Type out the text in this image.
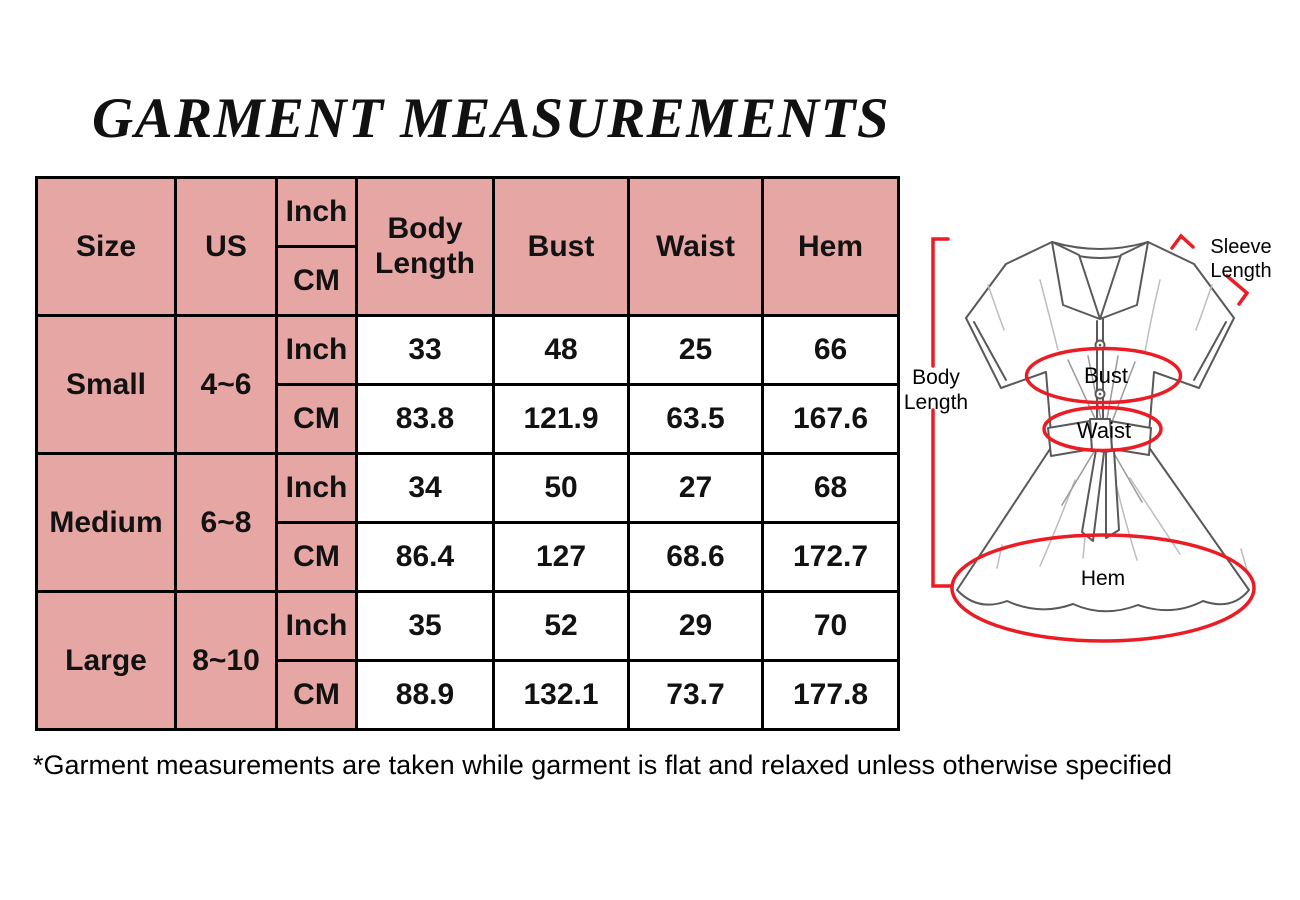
GARMENT MEASUREMENTS
Size	US	Inch	Body Length	Bust	Waist	Hem
		CM				
Small	4~6	Inch	33	48	25	66
		CM	83.8	121.9	63.5	167.6
Medium	6~8	Inch	34	50	27	68
		CM	86.4	127	68.6	172.7
Large	8~10	Inch	35	52	29	70
		CM	88.9	132.1	73.7	177.8
*Garment measurements are taken while garment is flat and relaxed unless otherwise specified
Body Length
Sleeve Length
Bust
Waist
Hem
